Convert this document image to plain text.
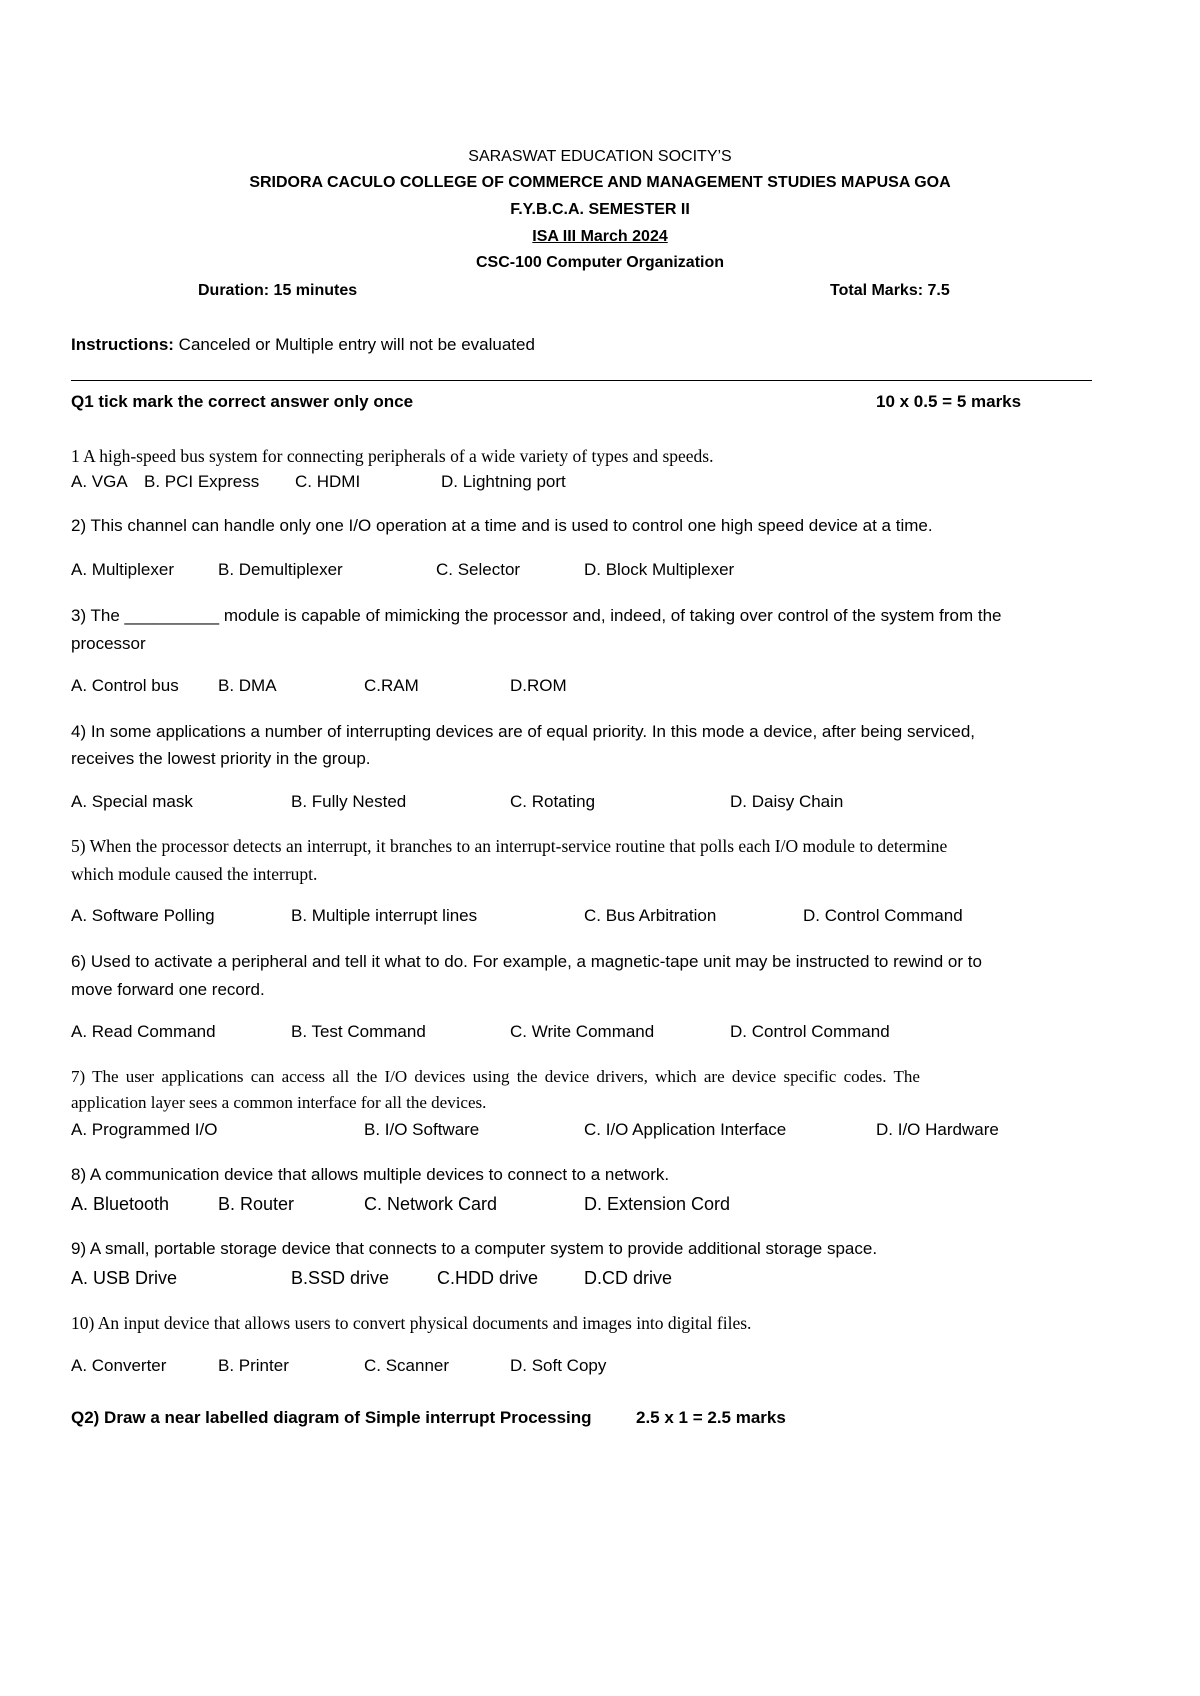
SARASWAT EDUCATION SOCITY’S
SRIDORA CACULO COLLEGE OF COMMERCE AND MANAGEMENT STUDIES MAPUSA GOA
F.Y.B.C.A. SEMESTER II
ISA III March 2024
CSC-100 Computer Organization
Duration: 15 minutes	Total Marks: 7.5
Instructions: Canceled or Multiple entry will not be evaluated
Q1 tick mark the correct answer only once	10 x 0.5 = 5 marks
1 A high-speed bus system for connecting peripherals of a wide variety of types and speeds.
A. VGA B. PCI Express C. HDMI	D. Lightning port
2) This channel can handle only one I/O operation at a time and is used to control one high speed device at a time.
A. Multiplexer	B. Demultiplexer	C. Selector	D. Block Multiplexer
3) The __________ module is capable of mimicking the processor and, indeed, of taking over control of the system from the
processor
A. Control bus B. DMA	C.RAM	D.ROM
4) In some applications a number of interrupting devices are of equal priority. In this mode a device, after being serviced,
receives the lowest priority in the group.
A. Special mask	B. Fully Nested	C. Rotating	D. Daisy Chain
5) When the processor detects an interrupt, it branches to an interrupt-service routine that polls each I/O module to determine
which module caused the interrupt.
A. Software Polling	B. Multiple interrupt lines	C. Bus Arbitration	D. Control Command
6) Used to activate a peripheral and tell it what to do. For example, a magnetic-tape unit may be instructed to rewind or to
move forward one record.
A. Read Command	B. Test Command	C. Write Command	D. Control Command
7) The user applications can access all the I/O devices using the device drivers, which are device specific codes. The
application layer sees a common interface for all the devices.
A. Programmed I/O	B. I/O Software	C. I/O Application Interface	D. I/O Hardware
8) A communication device that allows multiple devices to connect to a network.
A. Bluetooth	B. Router	C. Network Card	D. Extension Cord
9) A small, portable storage device that connects to a computer system to provide additional storage space.
A. USB Drive	B.SSD drive	C.HDD drive	D.CD drive
10) An input device that allows users to convert physical documents and images into digital files.
A. Converter	B. Printer	C. Scanner	D. Soft Copy
Q2) Draw a near labelled diagram of Simple interrupt Processing	2.5 x 1 = 2.5 marks
